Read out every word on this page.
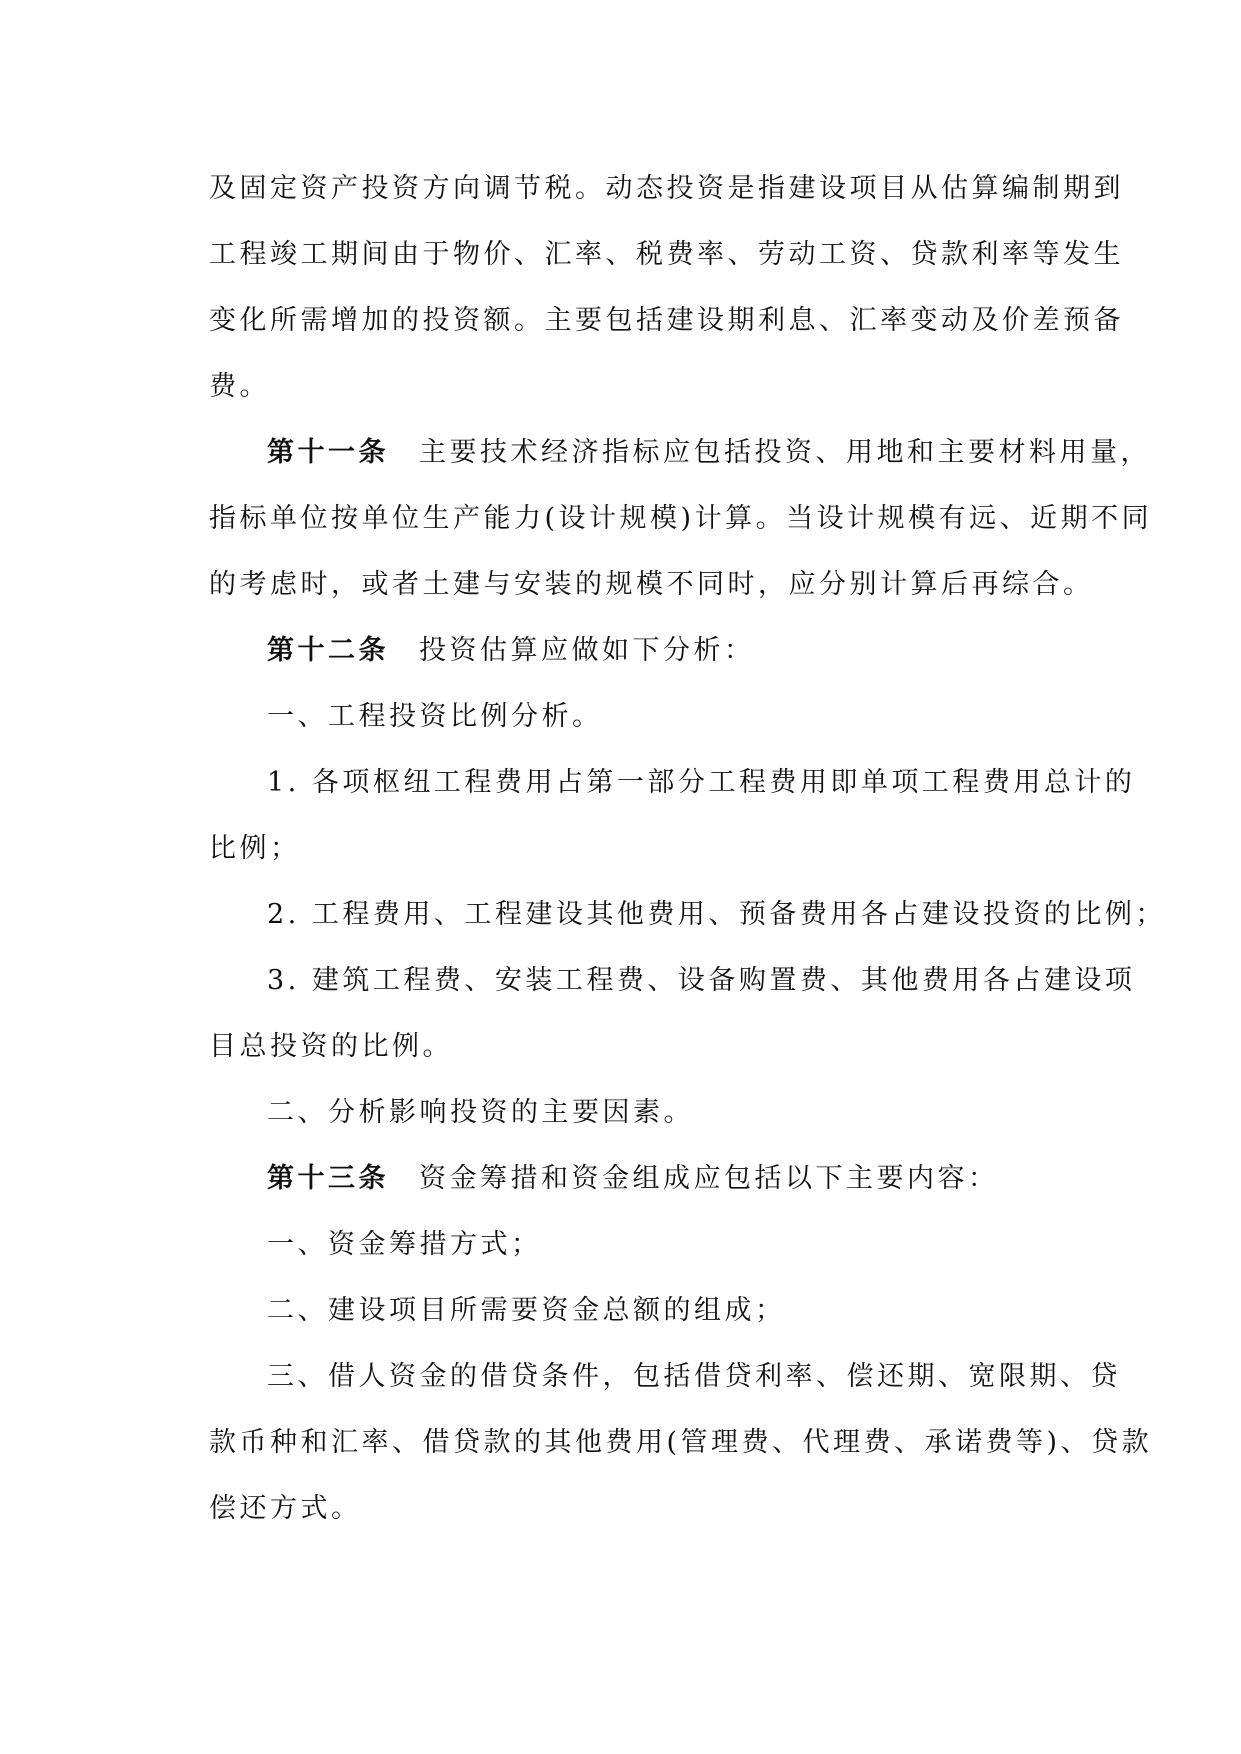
及固定资产投资方向调节税。动态投资是指建设项目从估算编制期到
工程竣工期间由于物价、汇率、税费率、劳动工资、贷款利率等发生
变化所需增加的投资额。主要包括建设期利息、汇率变动及价差预备
费。
第十一条 主要技术经济指标应包括投资、用地和主要材料用量，
指标单位按单位生产能力(设计规模)计算。当设计规模有远、近期不同
的考虑时，或者土建与安装的规模不同时，应分别计算后再综合。
第十二条 投资估算应做如下分析：
一、工程投资比例分析。
1. 各项枢纽工程费用占第一部分工程费用即单项工程费用总计的
比例；
2. 工程费用、工程建设其他费用、预备费用各占建设投资的比例；
3. 建筑工程费、安装工程费、设备购置费、其他费用各占建设项
目总投资的比例。
二、分析影响投资的主要因素。
第十三条 资金筹措和资金组成应包括以下主要内容：
一、资金筹措方式；
二、建设项目所需要资金总额的组成；
三、借人资金的借贷条件，包括借贷利率、偿还期、宽限期、贷
款币种和汇率、借贷款的其他费用(管理费、代理费、承诺费等)、贷款
偿还方式。
